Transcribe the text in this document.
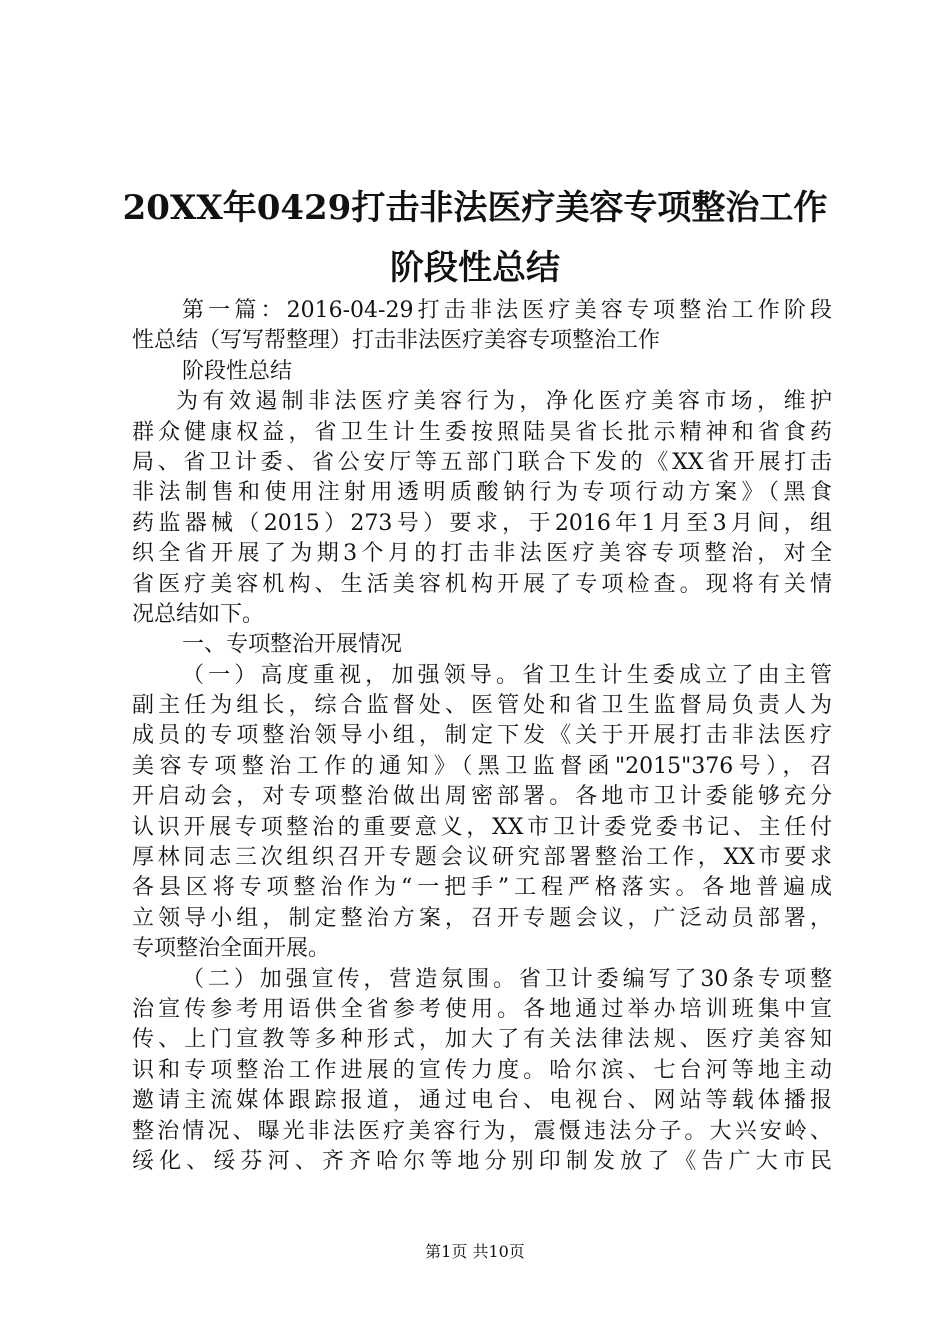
20XX年0429打击非法医疗美容专项整治工作
阶段性总结
第一篇：2016-04-29打击非法医疗美容专项整治工作阶段
性总结（写写帮整理）打击非法医疗美容专项整治工作
阶段性总结
为有效遏制非法医疗美容行为，净化医疗美容市场，维护
群众健康权益，省卫生计生委按照陆昊省长批示精神和省食药
局、省卫计委、省公安厅等五部门联合下发的《XX省开展打击
非法制售和使用注射用透明质酸钠行为专项行动方案》（黑食
药监器械（2015）273号）要求，于2016年1月至3月间，组
织全省开展了为期3个月的打击非法医疗美容专项整治，对全
省医疗美容机构、生活美容机构开展了专项检查。现将有关情
况总结如下。
一、专项整治开展情况
（一）高度重视，加强领导。省卫生计生委成立了由主管
副主任为组长，综合监督处、医管处和省卫生监督局负责人为
成员的专项整治领导小组，制定下发《关于开展打击非法医疗
美容专项整治工作的通知》（黑卫监督函"2015"376号），召
开启动会，对专项整治做出周密部署。各地市卫计委能够充分
认识开展专项整治的重要意义，XX市卫计委党委书记、主任付
厚林同志三次组织召开专题会议研究部署整治工作，XX市要求
各县区将专项整治作为“一把手”工程严格落实。各地普遍成
立领导小组，制定整治方案，召开专题会议，广泛动员部署，
专项整治全面开展。
（二）加强宣传，营造氛围。省卫计委编写了30条专项整
治宣传参考用语供全省参考使用。各地通过举办培训班集中宣
传、上门宣教等多种形式，加大了有关法律法规、医疗美容知
识和专项整治工作进展的宣传力度。哈尔滨、七台河等地主动
邀请主流媒体跟踪报道，通过电台、电视台、网站等载体播报
整治情况、曝光非法医疗美容行为，震慑违法分子。大兴安岭、
绥化、绥芬河、齐齐哈尔等地分别印制发放了《告广大市民
第1页 共10页
